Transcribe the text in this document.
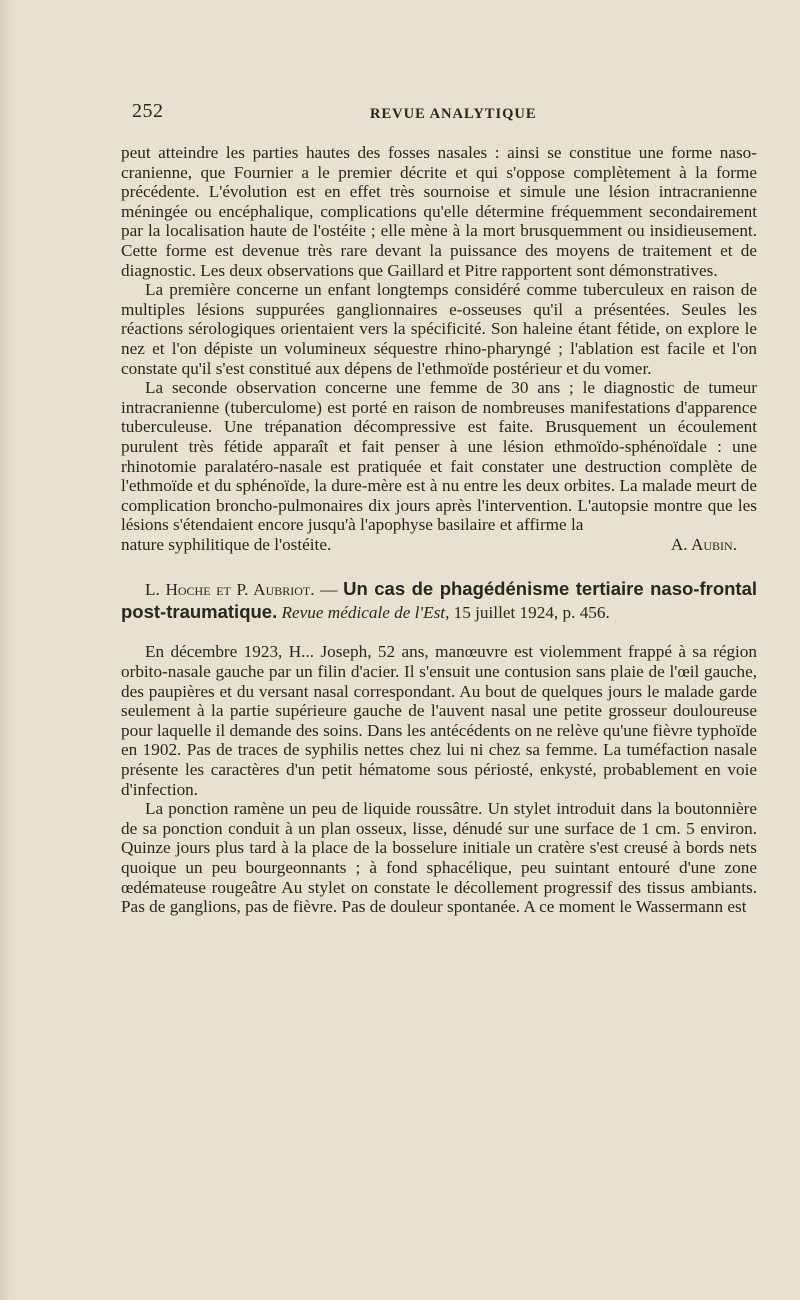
252	REVUE ANALYTIQUE

peut atteindre les parties hautes des fosses nasales : ainsi se constitue une forme naso-cranienne, que Fournier a le premier décrite et qui s'oppose complètement à la forme précédente. L'évolution est en effet très sournoise et simule une lésion intracranienne méningée ou encéphalique, complications qu'elle détermine fréquemment secondairement par la localisation haute de l'ostéite ; elle mène à la mort brusquemment ou insidieusement. Cette forme est devenue très rare devant la puissance des moyens de traitement et de diagnostic. Les deux observations que Gaillard et Pitre rapportent sont démonstratives.

La première concerne un enfant longtemps considéré comme tuberculeux en raison de multiples lésions suppurées ganglionnaires e-osseuses qu'il a présentées. Seules les réactions sérologiques orientaient vers la spécificité. Son haleine étant fétide, on explore le nez et l'on dépiste un volumineux séquestre rhino-pharyngé ; l'ablation est facile et l'on constate qu'il s'est constitué aux dépens de l'ethmoïde postérieur et du vomer.

La seconde observation concerne une femme de 30 ans ; le diagnostic de tumeur intracranienne (tuberculome) est porté en raison de nombreuses manifestations d'apparence tuberculeuse. Une trépanation décompressive est faite. Brusquement un écoulement purulent très fétide apparaît et fait penser à une lésion ethmoïdo-sphénoïdale : une rhinotomie paralatéro-nasale est pratiquée et fait constater une destruction complète de l'ethmoïde et du sphénoïde, la dure-mère est à nu entre les deux orbites. La malade meurt de complication broncho-pulmonaires dix jours après l'intervention. L'autopsie montre que les lésions s'étendaient encore jusqu'à l'apophyse basilaire et affirme la

nature syphilitique de l'ostéite.	A. Aubin.

L. Hoche et P. Aubriot. — Un cas de phagédénisme tertiaire naso-frontal post-traumatique. Revue médicale de l'Est, 15 juillet 1924, p. 456.

En décembre 1923, H... Joseph, 52 ans, manœuvre est violemment frappé à sa région orbito-nasale gauche par un filin d'acier. Il s'ensuit une contusion sans plaie de l'œil gauche, des paupières et du versant nasal correspondant. Au bout de quelques jours le malade garde seulement à la partie supérieure gauche de l'auvent nasal une petite grosseur douloureuse pour laquelle il demande des soins. Dans les antécédents on ne relève qu'une fièvre typhoïde en 1902. Pas de traces de syphilis nettes chez lui ni chez sa femme. La tuméfaction nasale présente les caractères d'un petit hématome sous périosté, enkysté, probablement en voie d'infection.

La ponction ramène un peu de liquide roussâtre. Un stylet introduit dans la boutonnière de sa ponction conduit à un plan osseux, lisse, dénudé sur une surface de 1 cm. 5 environ. Quinze jours plus tard à la place de la bosselure initiale un cratère s'est creusé à bords nets quoique un peu bourgeonnants ; à fond sphacélique, peu suintant entouré d'une zone œdémateuse rougeâtre Au stylet on constate le décollement progressif des tissus ambiants. Pas de ganglions, pas de fièvre. Pas de douleur spontanée. A ce moment le Wassermann est
